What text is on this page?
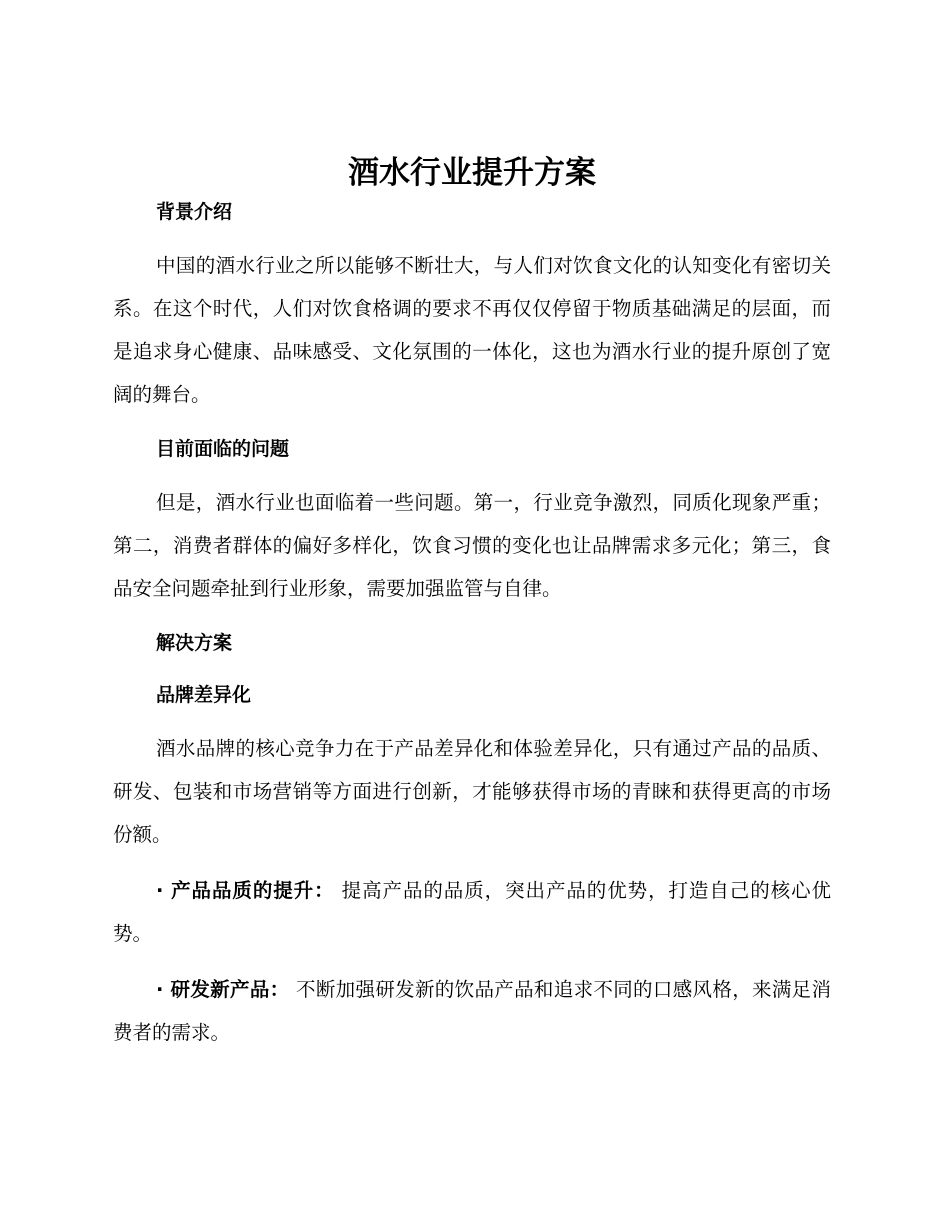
酒水行业提升方案

背景介绍

中国的酒水行业之所以能够不断壮大，与人们对饮食文化的认知变化有密切关系。在这个时代，人们对饮食格调的要求不再仅仅停留于物质基础满足的层面，而是追求身心健康、品味感受、文化氛围的一体化，这也为酒水行业的提升原创了宽阔的舞台。

目前面临的问题

但是，酒水行业也面临着一些问题。第一，行业竞争激烈，同质化现象严重；第二，消费者群体的偏好多样化，饮食习惯的变化也让品牌需求多元化；第三，食品安全问题牵扯到行业形象，需要加强监管与自律。

解决方案

品牌差异化

酒水品牌的核心竞争力在于产品差异化和体验差异化，只有通过产品的品质、研发、包装和市场营销等方面进行创新，才能够获得市场的青睐和获得更高的市场份额。

· 产品品质的提升： 提高产品的品质，突出产品的优势，打造自己的核心优势。

· 研发新产品： 不断加强研发新的饮品产品和追求不同的口感风格，来满足消费者的需求。
